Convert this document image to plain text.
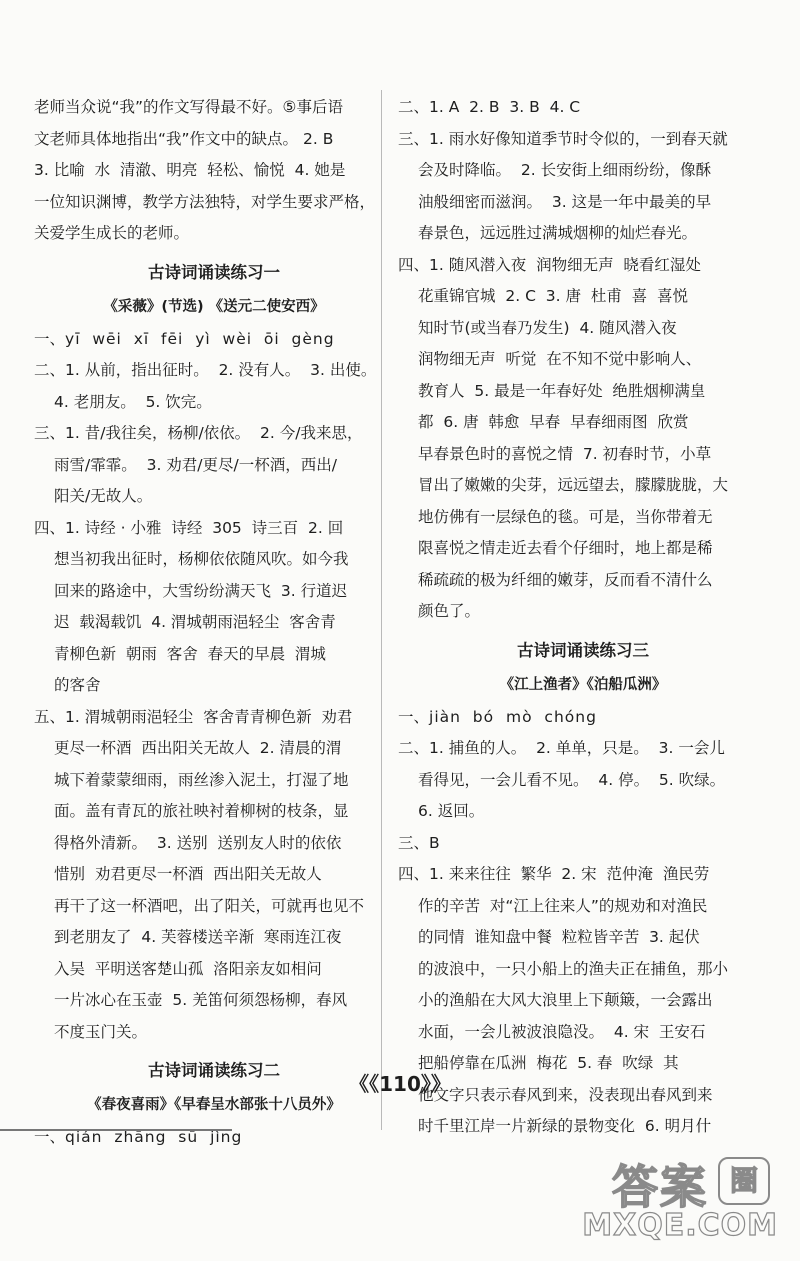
老师当众说“我”的作文写得最不好。⑤事后语

文老师具体地指出“我”作文中的缺点。 2. B

3. 比喻  水  清澈、明亮  轻松、愉悦  4. 她是

一位知识渊博，教学方法独特，对学生要求严格，

关爱学生成长的老师。

古诗词诵读练习一
《采薇》(节选) 《送元二使安西》

一、yī  wēi  xī  fēi  yì  wèi  ōi  gèng

二、1. 从前，指出征时。  2. 没有人。  3. 出使。

4. 老朋友。  5. 饮完。

三、1. 昔/我往矣，杨柳/依依。  2. 今/我来思，

雨雪/霏霏。  3. 劝君/更尽/一杯酒，西出/

阳关/无故人。

四、1. 诗经 · 小雅  诗经  305  诗三百  2. 回

想当初我出征时，杨柳依依随风吹。如今我

回来的路途中，大雪纷纷满天飞  3. 行道迟

迟  载渴载饥  4. 渭城朝雨浥轻尘  客舍青

青柳色新  朝雨  客舍  春天的早晨  渭城

的客舍

五、1. 渭城朝雨浥轻尘  客舍青青柳色新  劝君

更尽一杯酒  西出阳关无故人  2. 清晨的渭

城下着蒙蒙细雨，雨丝渗入泥土，打湿了地

面。盖有青瓦的旅社映衬着柳树的枝条，显

得格外清新。  3. 送别  送别友人时的依依

惜别  劝君更尽一杯酒  西出阳关无故人

再干了这一杯酒吧，出了阳关，可就再也见不

到老朋友了  4. 芙蓉楼送辛渐  寒雨连江夜

入吴  平明送客楚山孤  洛阳亲友如相问

一片冰心在玉壶  5. 羌笛何须怨杨柳，春风

不度玉门关。

古诗词诵读练习二
《春夜喜雨》《早春呈水部张十八员外》

一、qián  zhāng  sū  jìng

二、1. A  2. B  3. B  4. C

三、1. 雨水好像知道季节时令似的，一到春天就

会及时降临。  2. 长安街上细雨纷纷，像酥

油般细密而滋润。  3. 这是一年中最美的早

春景色，远远胜过满城烟柳的灿烂春光。

四、1. 随风潜入夜  润物细无声  晓看红湿处

花重锦官城  2. C  3. 唐  杜甫  喜  喜悦

知时节(或当春乃发生)  4. 随风潜入夜

润物细无声  听觉  在不知不觉中影响人、

教育人  5. 最是一年春好处  绝胜烟柳满皇

都  6. 唐  韩愈  早春  早春细雨图  欣赏

早春景色时的喜悦之情  7. 初春时节，小草

冒出了嫩嫩的尖芽，远远望去，朦朦胧胧，大

地仿佛有一层绿色的毯。可是，当你带着无

限喜悦之情走近去看个仔细时，地上都是稀

稀疏疏的极为纤细的嫩芽，反而看不清什么

颜色了。

古诗词诵读练习三
《江上渔者》《泊船瓜洲》

一、jiàn  bó  mò  chóng

二、1. 捕鱼的人。  2. 单单，只是。  3. 一会儿

看得见，一会儿看不见。  4. 停。  5. 吹绿。

6. 返回。

三、B

四、1. 来来往往  繁华  2. 宋  范仲淹  渔民劳

作的辛苦  对“江上往来人”的规劝和对渔民

的同情  谁知盘中餐  粒粒皆辛苦  3. 起伏

的波浪中，一只小船上的渔夫正在捕鱼，那小

小的渔船在大风大浪里上下颠簸，一会露出

水面，一会儿被波浪隐没。  4. 宋  王安石

把船停靠在瓜洲  梅花  5. 春  吹绿  其

他文字只表示春风到来，没表现出春风到来

时千里江岸一片新绿的景物变化  6. 明月什

《《110》》
答案 圈
MXQE.COM
